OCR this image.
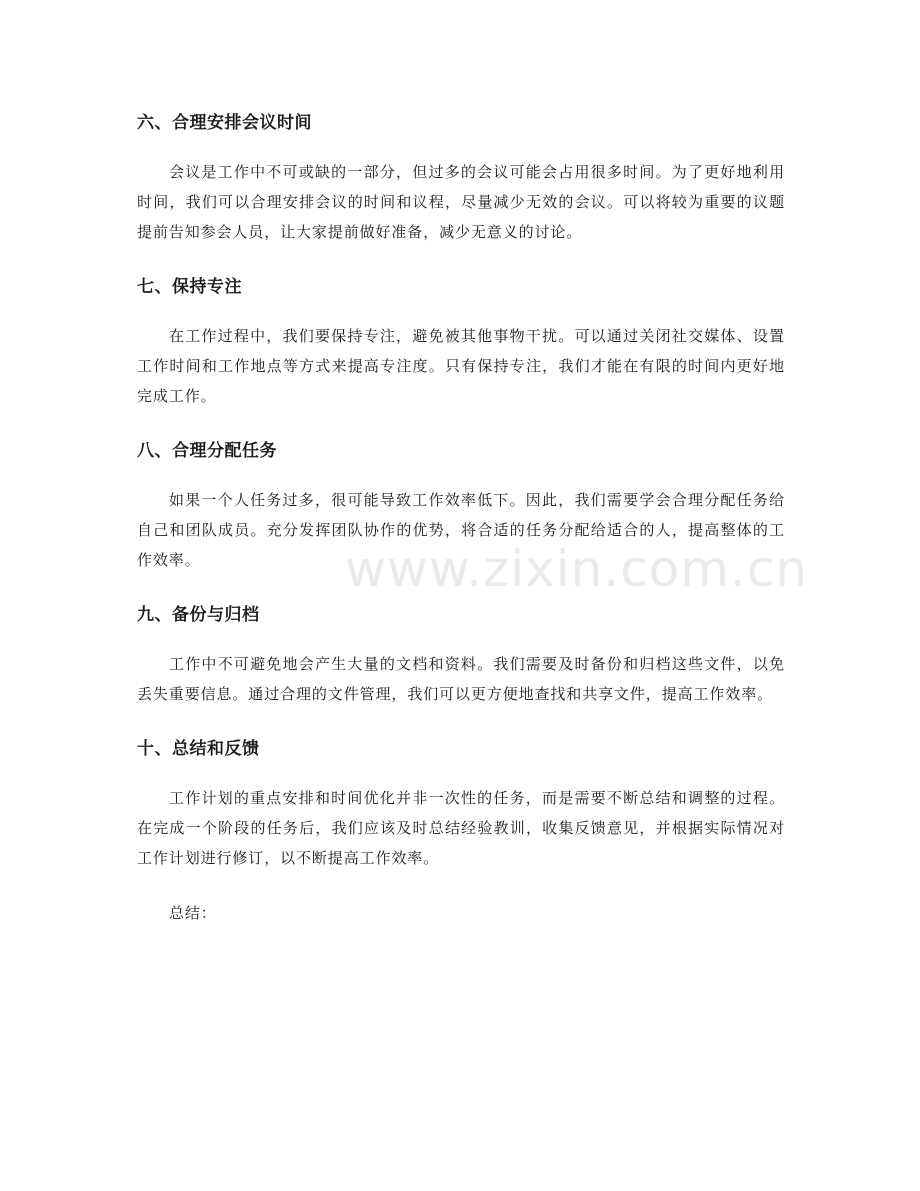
六、合理安排会议时间

会议是工作中不可或缺的一部分，但过多的会议可能会占用很多时间。为了更好地利用时间，我们可以合理安排会议的时间和议程，尽量减少无效的会议。可以将较为重要的议题提前告知参会人员，让大家提前做好准备，减少无意义的讨论。

七、保持专注

在工作过程中，我们要保持专注，避免被其他事物干扰。可以通过关闭社交媒体、设置工作时间和工作地点等方式来提高专注度。只有保持专注，我们才能在有限的时间内更好地完成工作。

八、合理分配任务

如果一个人任务过多，很可能导致工作效率低下。因此，我们需要学会合理分配任务给自己和团队成员。充分发挥团队协作的优势，将合适的任务分配给适合的人，提高整体的工作效率。

九、备份与归档

工作中不可避免地会产生大量的文档和资料。我们需要及时备份和归档这些文件，以免丢失重要信息。通过合理的文件管理，我们可以更方便地查找和共享文件，提高工作效率。

十、总结和反馈

工作计划的重点安排和时间优化并非一次性的任务，而是需要不断总结和调整的过程。在完成一个阶段的任务后，我们应该及时总结经验教训，收集反馈意见，并根据实际情况对工作计划进行修订，以不断提高工作效率。

总结：

www.zixin.com.cn
